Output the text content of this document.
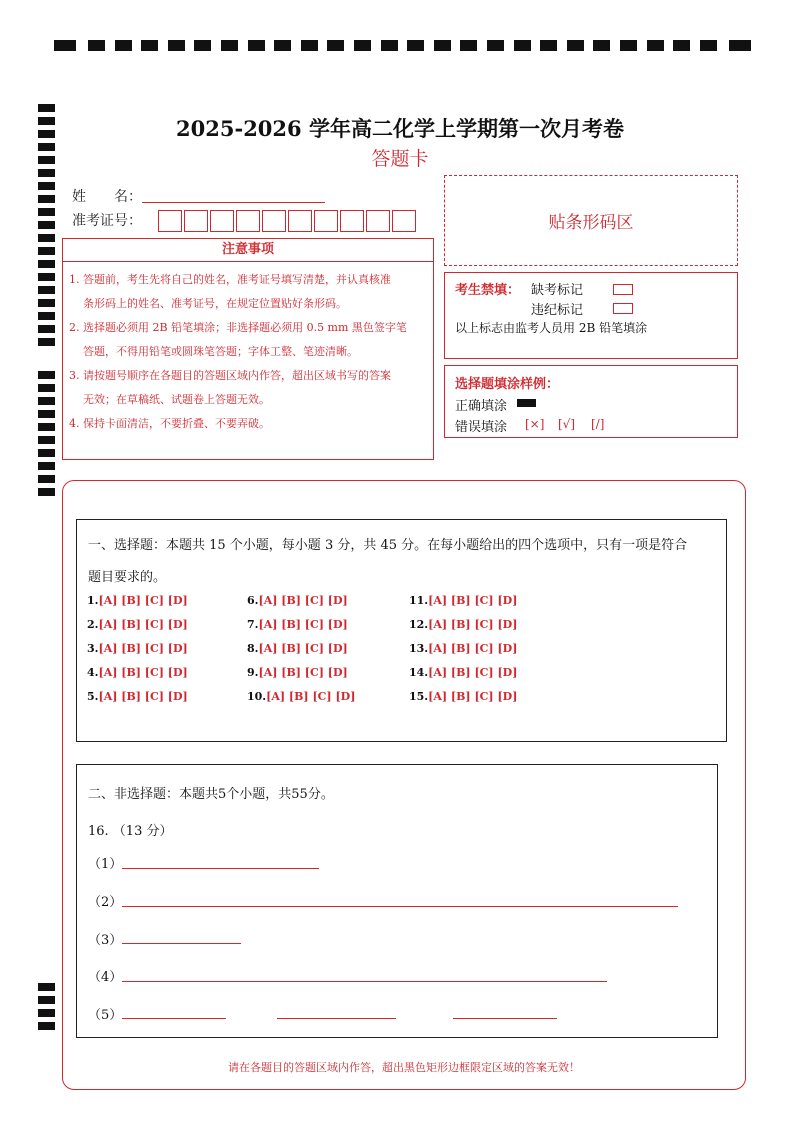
2025-2026 学年高二化学上学期第一次月考卷
答题卡
姓　　名：
准考证号：
注意事项
1. 答题前，考生先将自己的姓名，准考证号填写清楚，并认真核准
条形码上的姓名、准考证号，在规定位置贴好条形码。
2. 选择题必须用 2B 铅笔填涂；非选择题必须用 0.5 mm 黑色签字笔
答题，不得用铅笔或圆珠笔答题；字体工整、笔迹清晰。
3. 请按题号顺序在各题目的答题区域内作答，超出区域书写的答案
无效；在草稿纸、试题卷上答题无效。
4. 保持卡面清洁，不要折叠、不要弄破。
贴条形码区
考生禁填： 缺考标记
违纪标记
以上标志由监考人员用 2B 铅笔填涂
选择题填涂样例：
正确填涂
错误填涂 [×] [√] [/]
一、选择题：本题共 15 个小题，每小题 3 分，共 45 分。在每小题给出的四个选项中，只有一项是符合
题目要求的。
1.[A] [B] [C] [D]
2.[A] [B] [C] [D]
3.[A] [B] [C] [D]
4.[A] [B] [C] [D]
5.[A] [B] [C] [D]
6.[A] [B] [C] [D]
7.[A] [B] [C] [D]
8.[A] [B] [C] [D]
9.[A] [B] [C] [D]
10.[A] [B] [C] [D]
11.[A] [B] [C] [D]
12.[A] [B] [C] [D]
13.[A] [B] [C] [D]
14.[A] [B] [C] [D]
15.[A] [B] [C] [D]
二、非选择题：本题共5个小题，共55分。
16. （13 分）
（1）
（2）
（3）
（4）
（5）
请在各题目的答题区域内作答，超出黑色矩形边框限定区域的答案无效！
